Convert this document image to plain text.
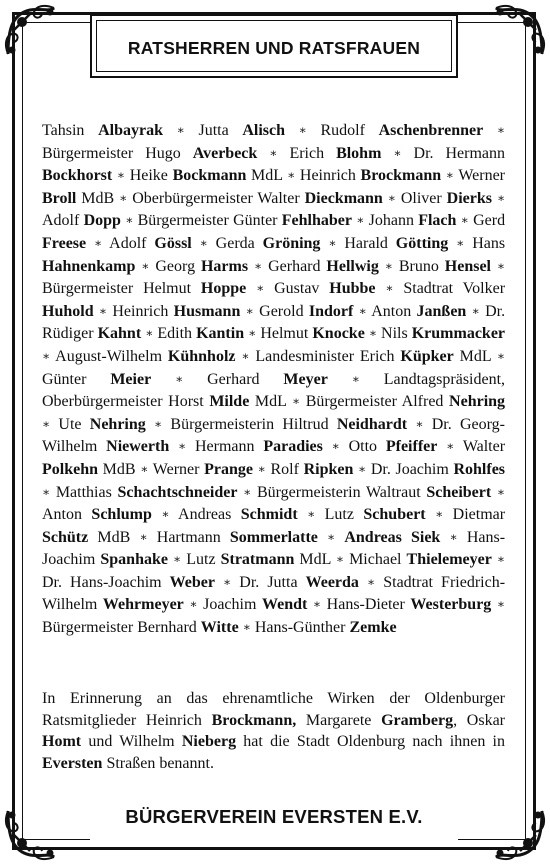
RATSHERREN UND RATSFRAUEN
Tahsin Albayrak ∗ Jutta Alisch ∗ Rudolf Aschenbrenner ∗ Bürgermeister Hugo Averbeck ∗ Erich Blohm ∗ Dr. Hermann Bockhorst ∗ Heike Bockmann MdL ∗ Heinrich Brockmann ∗ Werner Broll MdB ∗ Oberbürgermeister Walter Dieckmann ∗ Oliver Dierks ∗ Adolf Dopp ∗ Bürgermeister Günter Fehlhaber ∗ Johann Flach ∗ Gerd Freese ∗ Adolf Gössl ∗ Gerda Gröning ∗ Harald Götting ∗ Hans Hahnenkamp ∗ Georg Harms ∗ Gerhard Hellwig ∗ Bruno Hensel ∗ Bürgermeister Helmut Hoppe ∗ Gustav Hubbe ∗ Stadtrat Volker Huhold ∗ Heinrich Husmann ∗ Gerold Indorf ∗ Anton Janßen ∗ Dr. Rüdiger Kahnt ∗ Edith Kantin ∗ Helmut Knocke ∗ Nils Krummacker ∗ August-Wilhelm Kühnholz ∗ Landesminister Erich Küpker MdL ∗ Günter Meier ∗ Gerhard Meyer ∗ Landtagspräsident, Oberbürgermeister Horst Milde MdL ∗ Bürgermeister Alfred Nehring ∗ Ute Nehring ∗ Bürgermeisterin Hiltrud Neidhardt ∗ Dr. Georg-Wilhelm Niewerth ∗ Hermann Paradies ∗ Otto Pfeiffer ∗ Walter Polkehn MdB ∗ Werner Prange ∗ Rolf Ripken ∗ Dr. Joachim Rohlfes ∗ Matthias Schachtschneider ∗ Bürgermeisterin Waltraut Scheibert ∗ Anton Schlump ∗ Andreas Schmidt ∗ Lutz Schubert ∗ Dietmar Schütz MdB ∗ Hartmann Sommerlatte ∗ Andreas Siek ∗ Hans-Joachim Spanhake ∗ Lutz Stratmann MdL ∗ Michael Thielemeyer ∗ Dr. Hans-Joachim Weber ∗ Dr. Jutta Weerda ∗ Stadtrat Friedrich-Wilhelm Wehrmeyer ∗ Joachim Wendt ∗ Hans-Dieter Westerburg ∗ Bürgermeister Bernhard Witte ∗ Hans-Günther Zemke
In Erinnerung an das ehrenamtliche Wirken der Oldenburger Ratsmitglieder Heinrich Brockmann, Margarete Gramberg, Oskar Homt und Wilhelm Nieberg hat die Stadt Oldenburg nach ihnen in Eversten Straßen benannt.
BÜRGERVEREIN EVERSTEN E.V.
